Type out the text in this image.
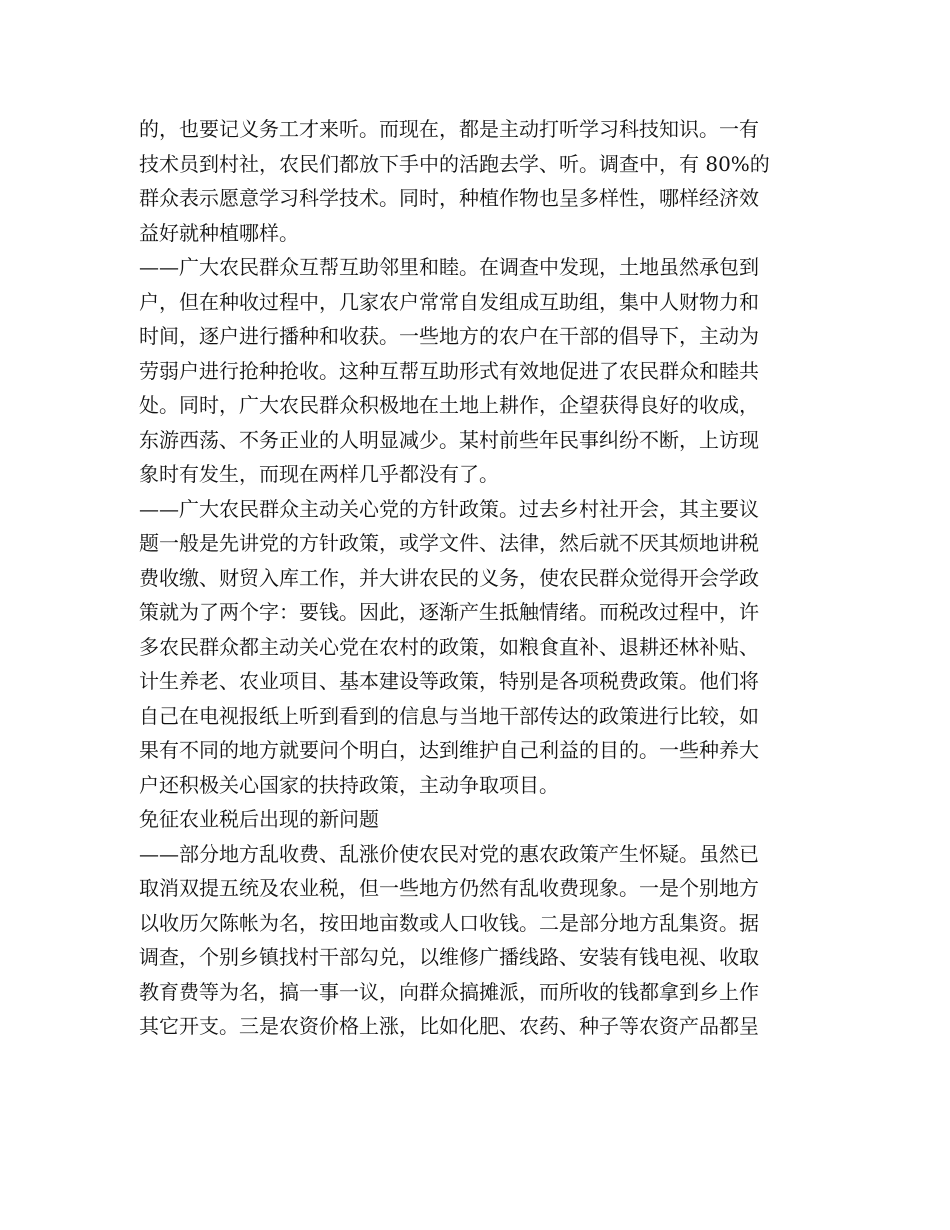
的，也要记义务工才来听。而现在，都是主动打听学习科技知识。一有
技术员到村社，农民们都放下手中的活跑去学、听。调查中，有 80%的
群众表示愿意学习科学技术。同时，种植作物也呈多样性，哪样经济效
益好就种植哪样。
——广大农民群众互帮互助邻里和睦。在调查中发现，土地虽然承包到
户，但在种收过程中，几家农户常常自发组成互助组，集中人财物力和
时间，逐户进行播种和收获。一些地方的农户在干部的倡导下，主动为
劳弱户进行抢种抢收。这种互帮互助形式有效地促进了农民群众和睦共
处。同时，广大农民群众积极地在土地上耕作，企望获得良好的收成，
东游西荡、不务正业的人明显减少。某村前些年民事纠纷不断，上访现
象时有发生，而现在两样几乎都没有了。
——广大农民群众主动关心党的方针政策。过去乡村社开会，其主要议
题一般是先讲党的方针政策，或学文件、法律，然后就不厌其烦地讲税
费收缴、财贸入库工作，并大讲农民的义务，使农民群众觉得开会学政
策就为了两个字：要钱。因此，逐渐产生抵触情绪。而税改过程中，许
多农民群众都主动关心党在农村的政策，如粮食直补、退耕还林补贴、
计生养老、农业项目、基本建设等政策，特别是各项税费政策。他们将
自己在电视报纸上听到看到的信息与当地干部传达的政策进行比较，如
果有不同的地方就要问个明白，达到维护自己利益的目的。一些种养大
户还积极关心国家的扶持政策，主动争取项目。
免征农业税后出现的新问题
——部分地方乱收费、乱涨价使农民对党的惠农政策产生怀疑。虽然已
取消双提五统及农业税，但一些地方仍然有乱收费现象。一是个别地方
以收历欠陈帐为名，按田地亩数或人口收钱。二是部分地方乱集资。据
调查，个别乡镇找村干部勾兑，以维修广播线路、安装有钱电视、收取
教育费等为名，搞一事一议，向群众搞摊派，而所收的钱都拿到乡上作
其它开支。三是农资价格上涨，比如化肥、农药、种子等农资产品都呈
